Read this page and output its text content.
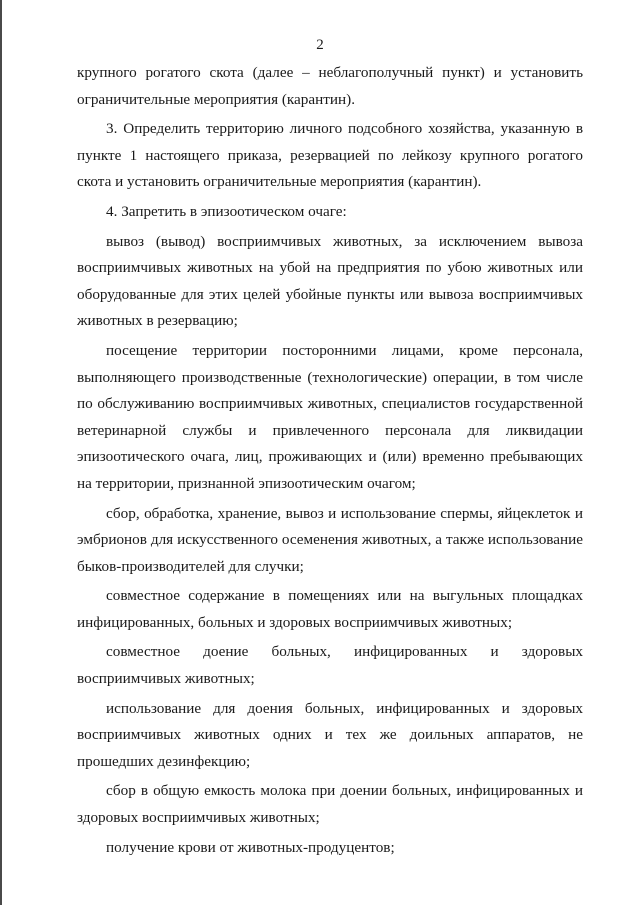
2

крупного рогатого скота (далее – неблагополучный пункт) и установить ограничительные мероприятия (карантин).

3. Определить территорию личного подсобного хозяйства, указанную в пункте 1 настоящего приказа, резервацией по лейкозу крупного рогатого скота и установить ограничительные мероприятия (карантин).

4. Запретить в эпизоотическом очаге:

вывоз (вывод) восприимчивых животных, за исключением вывоза восприимчивых животных на убой на предприятия по убою животных или оборудованные для этих целей убойные пункты или вывоза восприимчивых животных в резервацию;

посещение территории посторонними лицами, кроме персонала, выполняющего производственные (технологические) операции, в том числе по обслуживанию восприимчивых животных, специалистов государственной ветеринарной службы и привлеченного персонала для ликвидации эпизоотического очага, лиц, проживающих и (или) временно пребывающих на территории, признанной эпизоотическим очагом;

сбор, обработка, хранение, вывоз и использование спермы, яйцеклеток и эмбрионов для искусственного осеменения животных, а также использование быков-производителей для случки;

совместное содержание в помещениях или на выгульных площадках инфицированных, больных и здоровых восприимчивых животных;

совместное доение больных, инфицированных и здоровых восприимчивых животных;

использование для доения больных, инфицированных и здоровых восприимчивых животных одних и тех же доильных аппаратов, не прошедших дезинфекцию;

сбор в общую емкость молока при доении больных, инфицированных и здоровых восприимчивых животных;

получение крови от животных-продуцентов;
